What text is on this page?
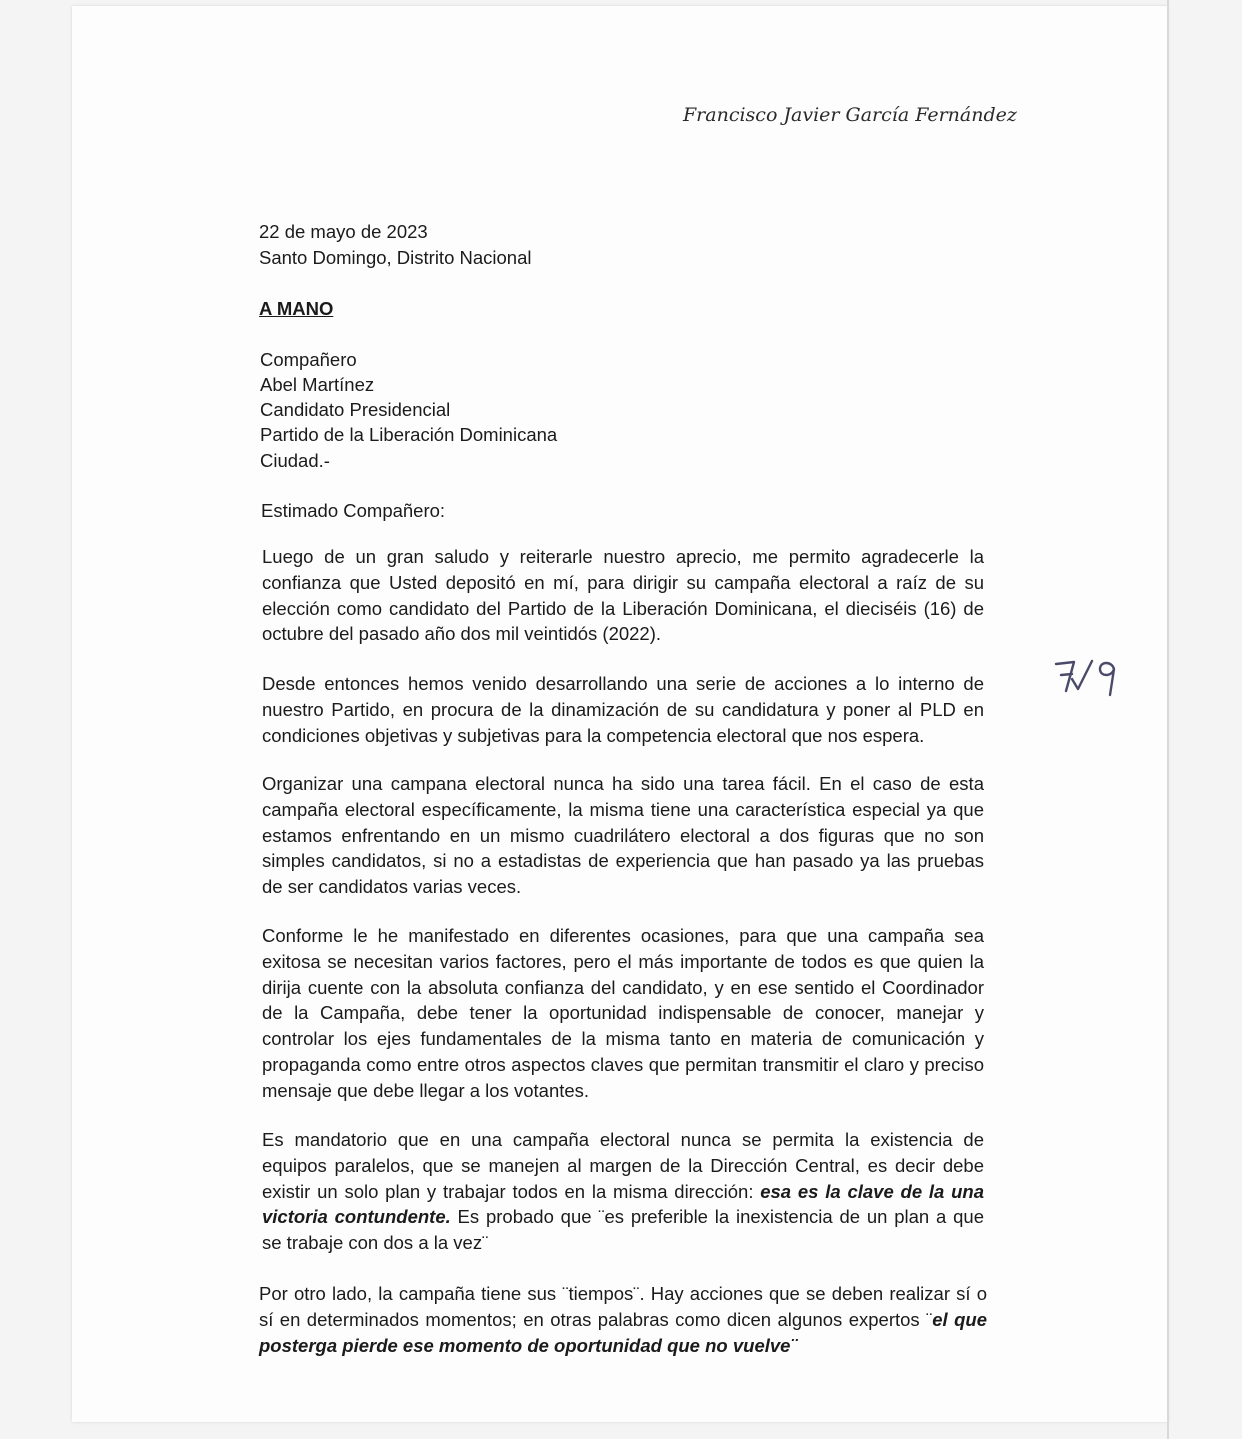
Francisco Javier García Fernández
22 de mayo de 2023
Santo Domingo, Distrito Nacional
A MANO
Compañero
Abel Martínez
Candidato Presidencial
Partido de la Liberación Dominicana
Ciudad.-
Estimado Compañero:
Luego de un gran saludo y reiterarle nuestro aprecio, me permito agradecerle la confianza que Usted depositó en mí, para dirigir su campaña electoral a raíz de su elección como candidato del Partido de la Liberación Dominicana, el dieciséis (16) de octubre del pasado año dos mil veintidós (2022).
Desde entonces hemos venido desarrollando una serie de acciones a lo interno de nuestro Partido, en procura de la dinamización de su candidatura y poner al PLD en condiciones objetivas y subjetivas para la competencia electoral que nos espera.
Organizar una campana electoral nunca ha sido una tarea fácil. En el caso de esta campaña electoral específicamente, la misma tiene una característica especial ya que estamos enfrentando en un mismo cuadrilátero electoral a dos figuras que no son simples candidatos, si no a estadistas de experiencia que han pasado ya las pruebas de ser candidatos varias veces.
Conforme le he manifestado en diferentes ocasiones, para que una campaña sea exitosa se necesitan varios factores, pero el más importante de todos es que quien la dirija cuente con la absoluta confianza del candidato, y en ese sentido el Coordinador de la Campaña, debe tener la oportunidad indispensable de conocer, manejar y controlar los ejes fundamentales de la misma tanto en materia de comunicación y propaganda como entre otros aspectos claves que permitan transmitir el claro y preciso mensaje que debe llegar a los votantes.
Es mandatorio que en una campaña electoral nunca se permita la existencia de equipos paralelos, que se manejen al margen de la Dirección Central, es decir debe existir un solo plan y trabajar todos en la misma dirección: esa es la clave de la una victoria contundente. Es probado que ¨es preferible la inexistencia de un plan a que se trabaje con dos a la vez¨
Por otro lado, la campaña tiene sus ¨tiempos¨. Hay acciones que se deben realizar sí o sí en determinados momentos; en otras palabras como dicen algunos expertos ¨el que posterga pierde ese momento de oportunidad que no vuelve¨
